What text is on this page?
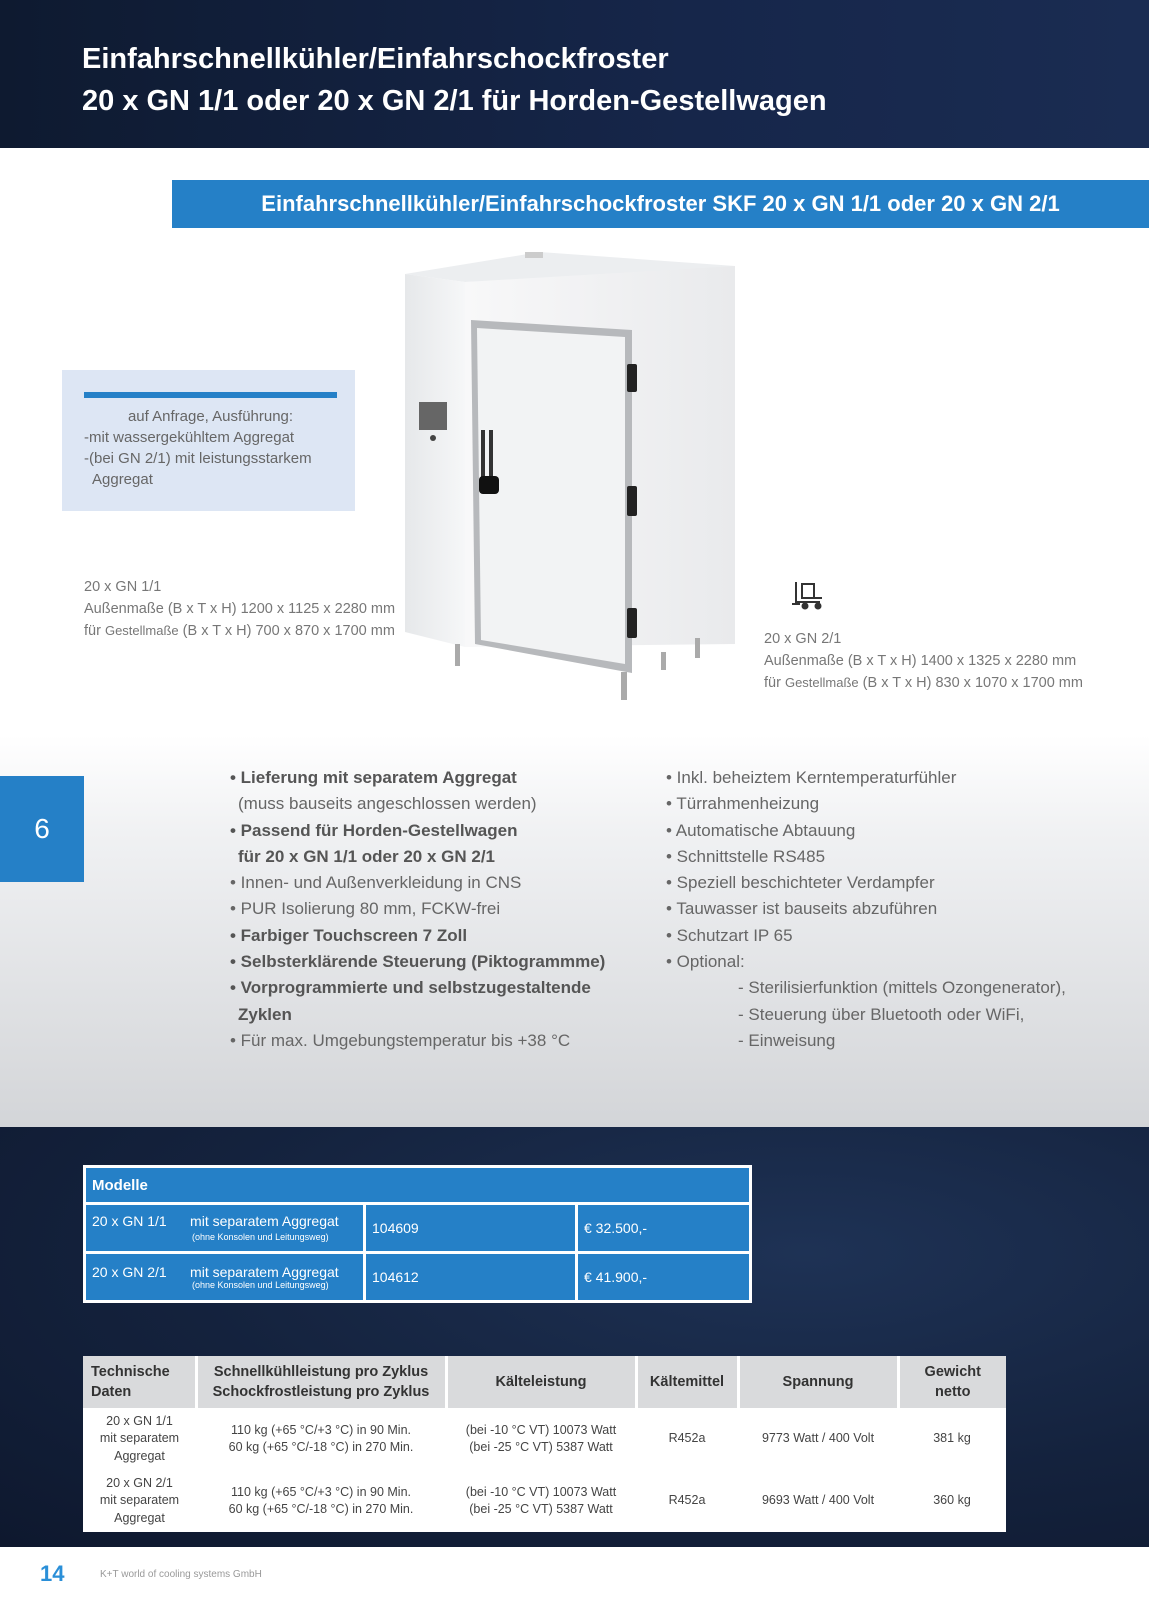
Einfahrschnellkühler/Einfahrschockfroster
20 x GN 1/1 oder 20 x GN 2/1 für Horden-Gestellwagen
Einfahrschnellkühler/Einfahrschockfroster SKF 20 x GN 1/1 oder 20 x GN 2/1

auf Anfrage, Ausführung:

-mit wassergekühltem Aggregat

-(bei GN 2/1) mit leistungsstarkem

Aggregat

20 x GN 1/1
Außenmaße (B x T x H) 1200 x 1125 x 2280 mm
für Gestellmaße (B x T x H) 700 x 870 x 1700 mm	20 x GN 2/1
Außenmaße (B x T x H) 1400 x 1325 x 2280 mm
für Gestellmaße (B x T x H) 830 x 1070 x 1700 mm
6
• Lieferung mit separatem Aggregat
(muss bauseits angeschlossen werden)
• Passend für Horden-Gestellwagen
für 20 x GN 1/1 oder 20 x GN 2/1
• Innen- und Außenverkleidung in CNS
• PUR Isolierung 80 mm, FCKW-frei
• Farbiger Touchscreen 7 Zoll
• Selbsterklärende Steuerung (Piktogrammme)
• Vorprogrammierte und selbstzugestaltende
Zyklen
• Für max. Umgebungstemperatur bis +38 °C
• Inkl. beheiztem Kerntemperaturfühler
• Türrahmenheizung
• Automatische Abtauung
• Schnittstelle RS485
• Speziell beschichteter Verdampfer
• Tauwasser ist bauseits abzuführen
• Schutzart IP 65
• Optional:
- Sterilisierfunktion (mittels Ozongenerator),
- Steuerung über Bluetooth oder WiFi,
- Einweisung
Modelle		
20 x GN 1/1 mit separatem Aggregat
(ohne Konsolen und Leitungsweg)	104609	€ 32.500,-
20 x GN 2/1 mit separatem Aggregat
(ohne Konsolen und Leitungsweg)	104612	€ 41.900,-
Technische
Daten	Schnellkühlleistung pro Zyklus
Schockfrostleistung pro Zyklus	Kälteleistung	Kältemittel	Spannung	Gewicht
netto
20 x GN 1/1
mit separatem
Aggregat	110 kg (+65 °C/+3 °C) in 90 Min.
60 kg (+65 °C/-18 °C) in 270 Min.	(bei -10 °C VT) 10073 Watt
(bei -25 °C VT) 5387 Watt	R452a	9773 Watt / 400 Volt	381 kg
20 x GN 2/1
mit separatem
Aggregat	110 kg (+65 °C/+3 °C) in 90 Min.
60 kg (+65 °C/-18 °C) in 270 Min.	(bei -10 °C VT) 10073 Watt
(bei -25 °C VT) 5387 Watt	R452a	9693 Watt / 400 Volt	360 kg
14	K+T world of cooling systems GmbH
